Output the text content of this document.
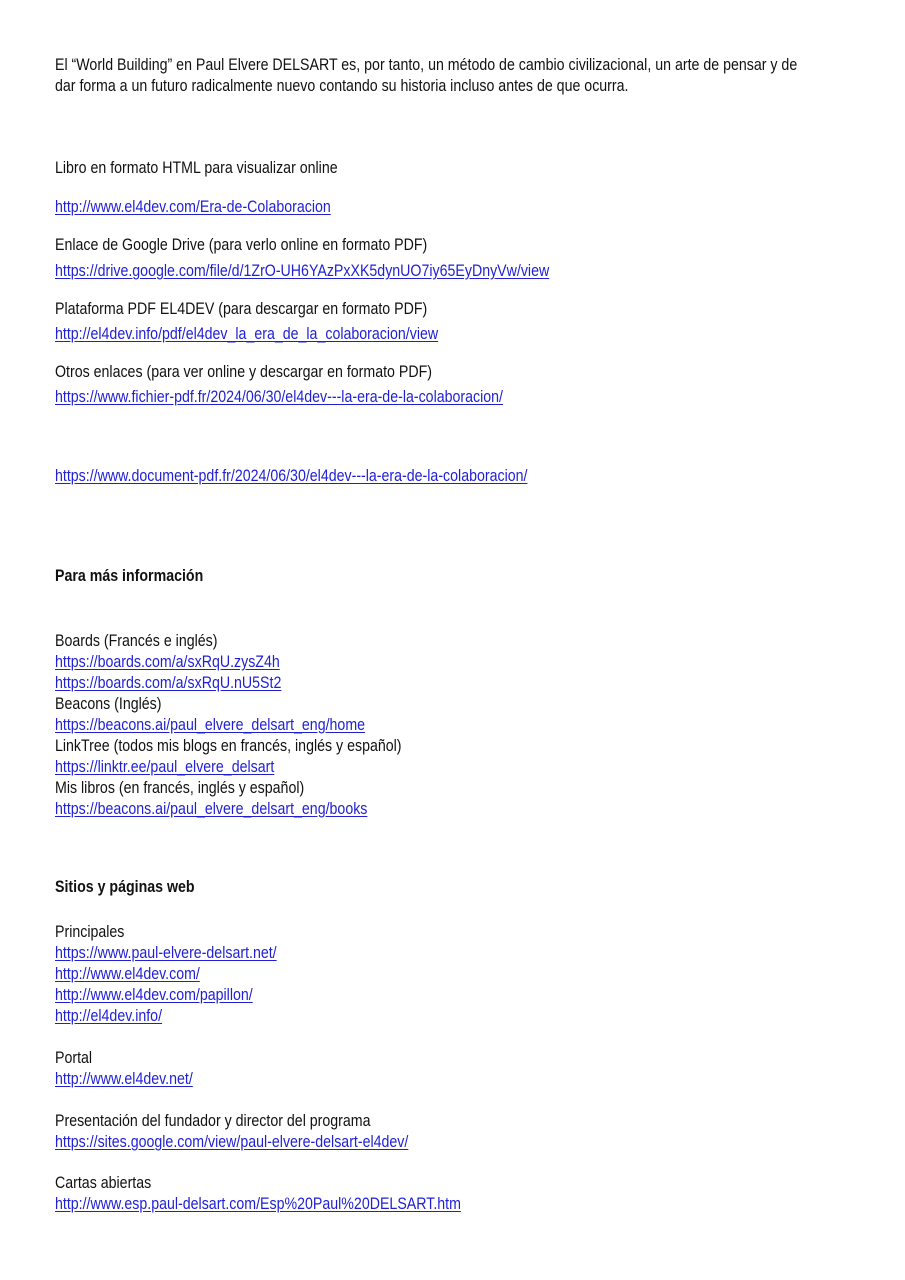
El “World Building” en Paul Elvere DELSART es, por tanto, un método de cambio civilizacional, un arte de pensar y de
dar forma a un futuro radicalmente nuevo contando su historia incluso antes de que ocurra.
Libro en formato HTML para visualizar online
http://www.el4dev.com/Era-de-Colaboracion
Enlace de Google Drive (para verlo online en formato PDF)
https://drive.google.com/file/d/1ZrO-UH6YAzPxXK5dynUO7iy65EyDnyVw/view
Plataforma PDF EL4DEV (para descargar en formato PDF)
http://el4dev.info/pdf/el4dev_la_era_de_la_colaboracion/view
Otros enlaces (para ver online y descargar en formato PDF)
https://www.fichier-pdf.fr/2024/06/30/el4dev---la-era-de-la-colaboracion/
https://www.document-pdf.fr/2024/06/30/el4dev---la-era-de-la-colaboracion/
Para más información
Boards (Francés e inglés)
https://boards.com/a/sxRqU.zysZ4h
https://boards.com/a/sxRqU.nU5St2
Beacons (Inglés)
https://beacons.ai/paul_elvere_delsart_eng/home
LinkTree (todos mis blogs en francés, inglés y español)
https://linktr.ee/paul_elvere_delsart
Mis libros (en francés, inglés y español)
https://beacons.ai/paul_elvere_delsart_eng/books
Sitios y páginas web
Principales
https://www.paul-elvere-delsart.net/
http://www.el4dev.com/
http://www.el4dev.com/papillon/
http://el4dev.info/
Portal
http://www.el4dev.net/
Presentación del fundador y director del programa
https://sites.google.com/view/paul-elvere-delsart-el4dev/
Cartas abiertas
http://www.esp.paul-delsart.com/Esp%20Paul%20DELSART.htm
